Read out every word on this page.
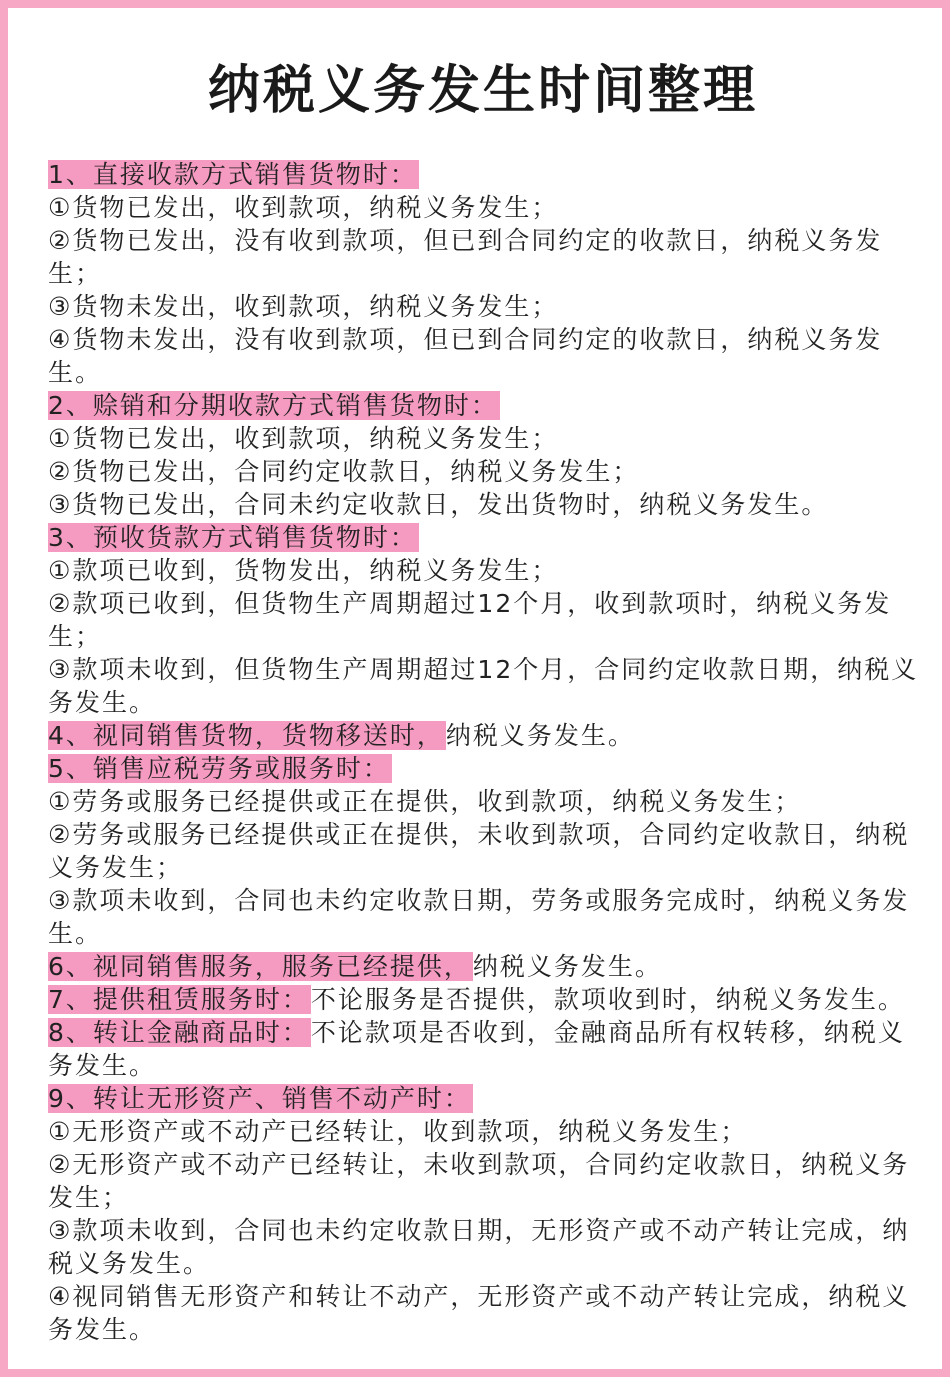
纳税义务发生时间整理
1、直接收款方式销售货物时：
①货物已发出，收到款项，纳税义务发生；
②货物已发出，没有收到款项，但已到合同约定的收款日，纳税义务发生；
③货物未发出，收到款项，纳税义务发生；
④货物未发出，没有收到款项，但已到合同约定的收款日，纳税义务发生。
2、赊销和分期收款方式销售货物时：
①货物已发出，收到款项，纳税义务发生；
②货物已发出，合同约定收款日，纳税义务发生；
③货物已发出，合同未约定收款日，发出货物时，纳税义务发生。
3、预收货款方式销售货物时：
①款项已收到，货物发出，纳税义务发生；
②款项已收到，但货物生产周期超过12个月，收到款项时，纳税义务发生；
③款项未收到，但货物生产周期超过12个月，合同约定收款日期，纳税义务发生。
4、视同销售货物，货物移送时，纳税义务发生。
5、销售应税劳务或服务时：
①劳务或服务已经提供或正在提供，收到款项，纳税义务发生；
②劳务或服务已经提供或正在提供，未收到款项，合同约定收款日，纳税义务发生；
③款项未收到，合同也未约定收款日期，劳务或服务完成时，纳税义务发生。
6、视同销售服务，服务已经提供，纳税义务发生。
7、提供租赁服务时：不论服务是否提供，款项收到时，纳税义务发生。
8、转让金融商品时：不论款项是否收到，金融商品所有权转移，纳税义务发生。
9、转让无形资产、销售不动产时：
①无形资产或不动产已经转让，收到款项，纳税义务发生；
②无形资产或不动产已经转让，未收到款项，合同约定收款日，纳税义务发生；
③款项未收到，合同也未约定收款日期，无形资产或不动产转让完成，纳税义务发生。
④视同销售无形资产和转让不动产，无形资产或不动产转让完成，纳税义务发生。
